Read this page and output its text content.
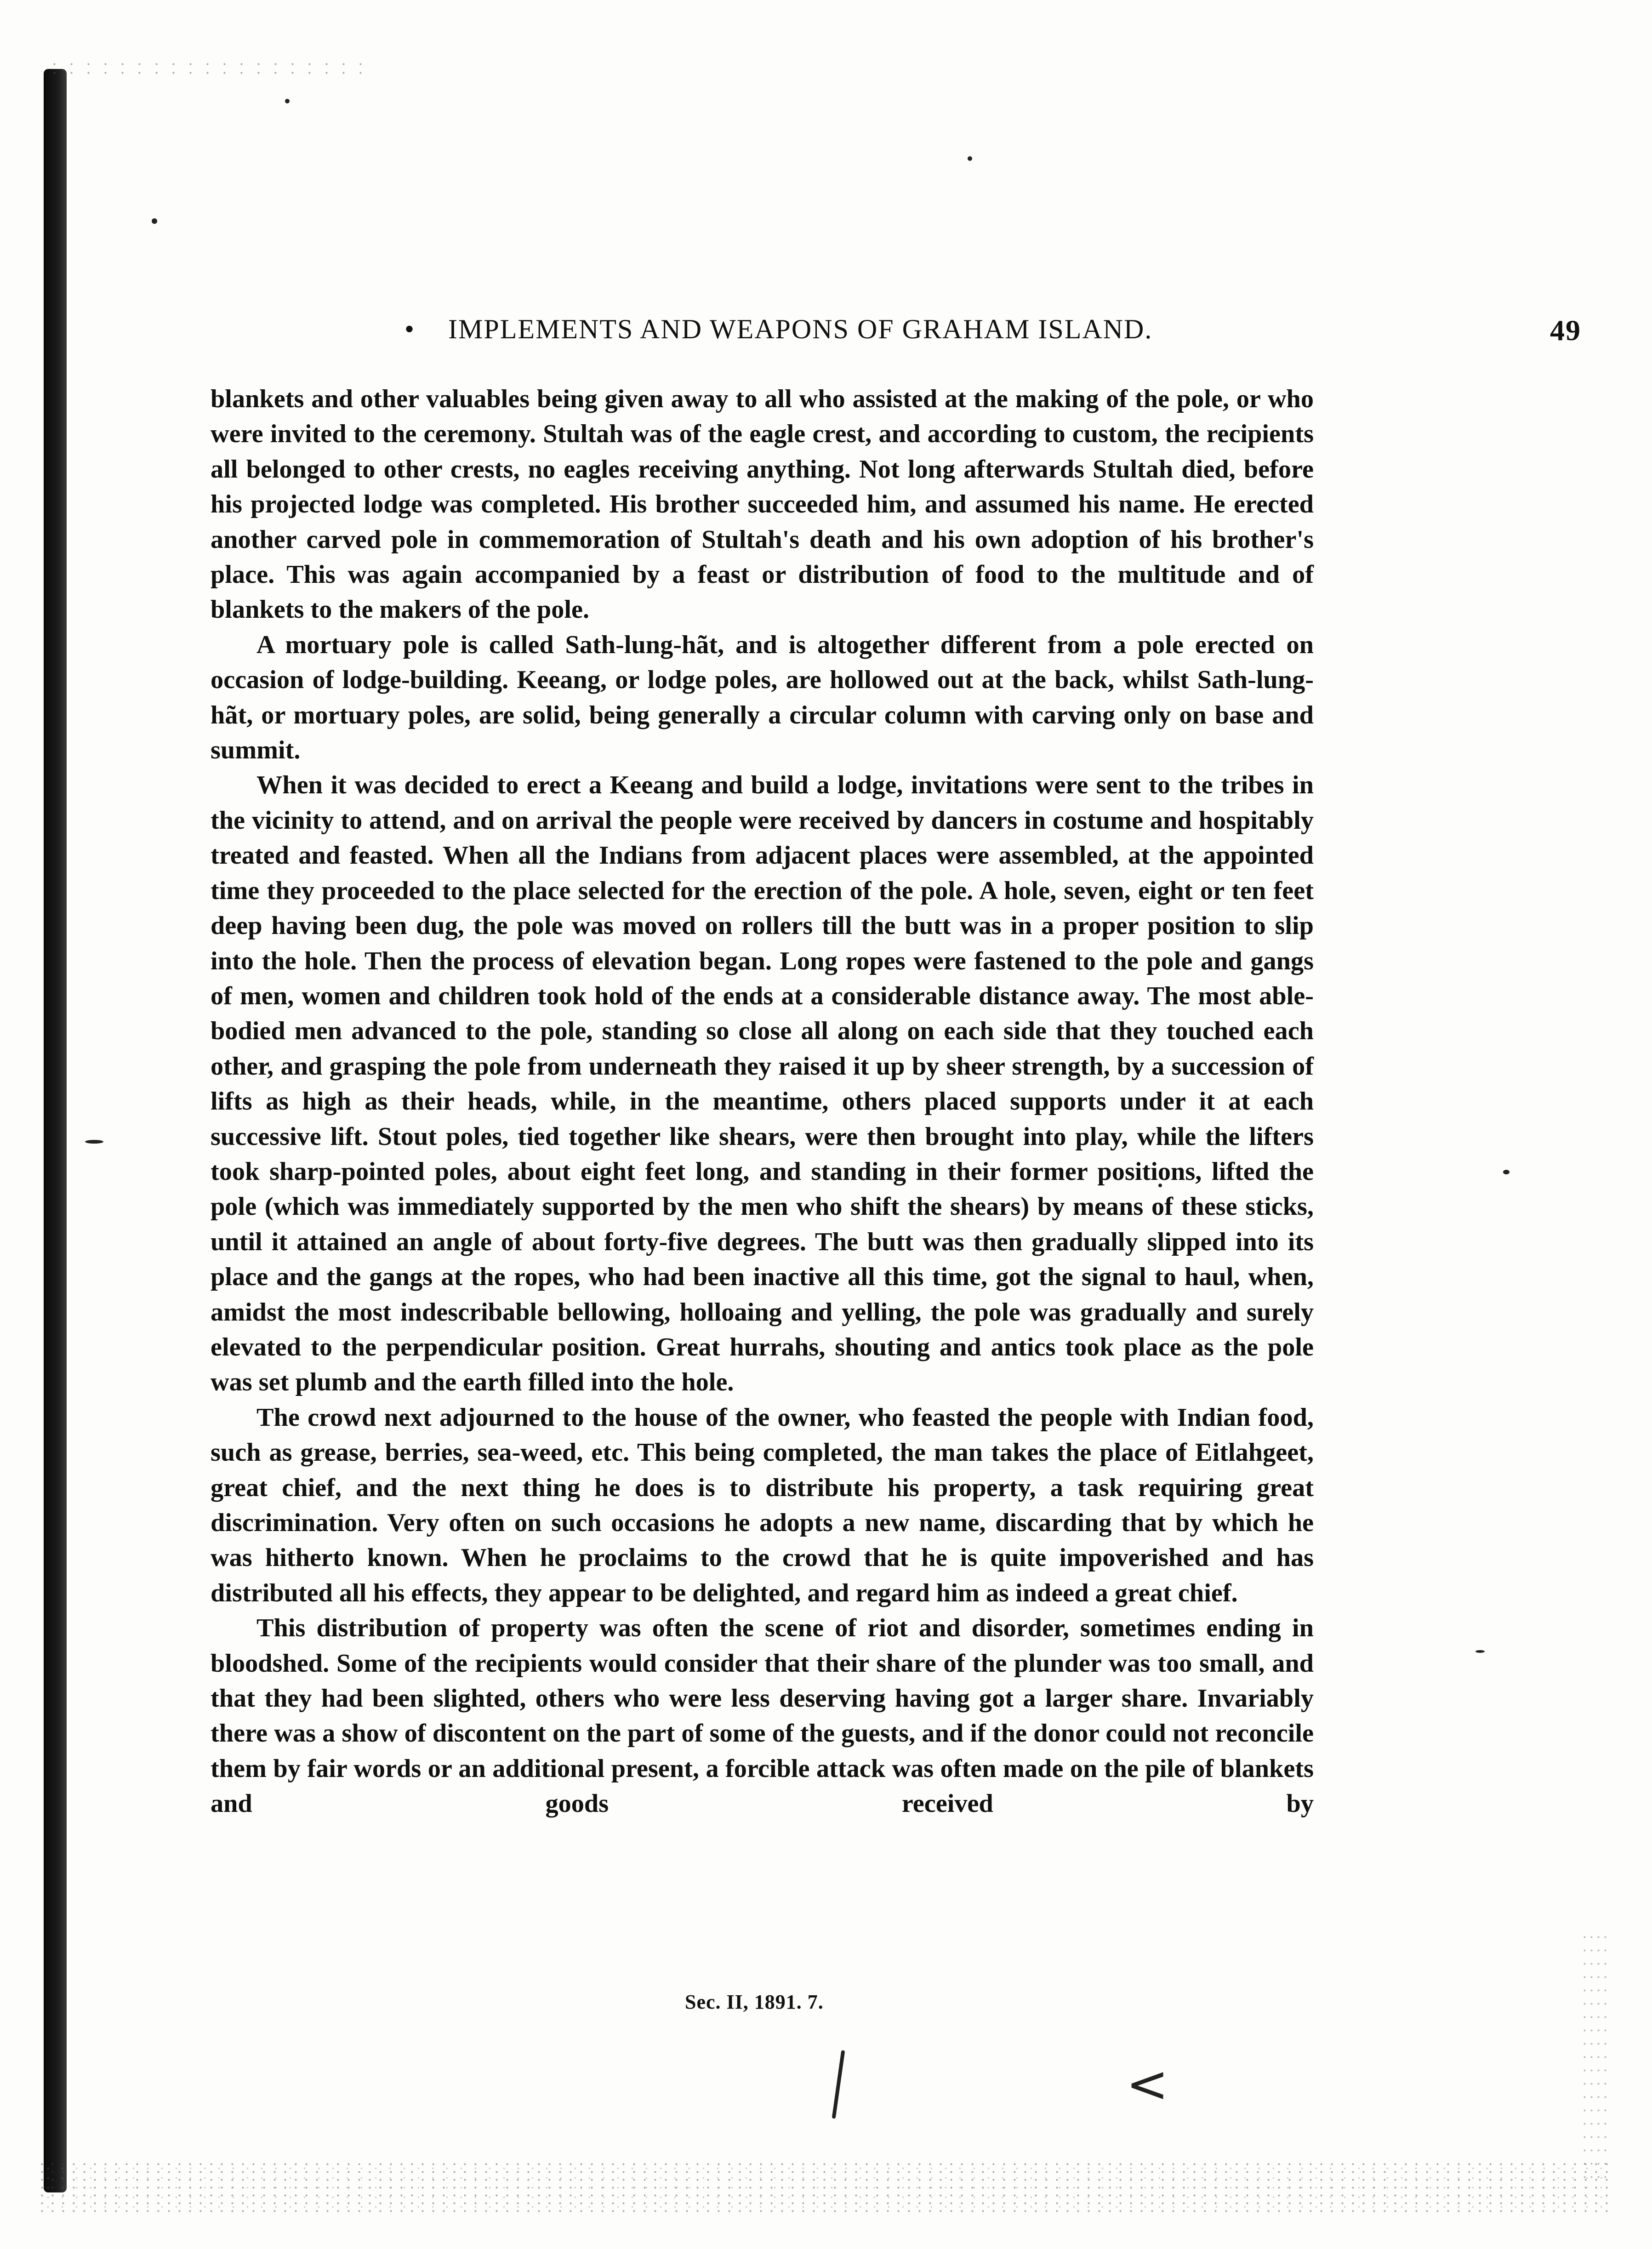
• IMPLEMENTS AND WEAPONS OF GRAHAM ISLAND.	49

blankets and other valuables being given away to all who assisted at the making of the pole, or who were invited to the ceremony. Stultah was of the eagle crest, and according to custom, the recipients all belonged to other crests, no eagles receiving anything. Not long afterwards Stultah died, before his projected lodge was completed. His brother succeeded him, and assumed his name. He erected another carved pole in commemoration of Stultah's death and his own adoption of his brother's place. This was again accompanied by a feast or distribution of food to the multitude and of blankets to the makers of the pole.

A mortuary pole is called Sath-lung-hãt, and is altogether different from a pole erected on occasion of lodge-building. Keeang, or lodge poles, are hollowed out at the back, whilst Sath-lung-hãt, or mortuary poles, are solid, being generally a circular column with carving only on base and summit.

When it was decided to erect a Keeang and build a lodge, invitations were sent to the tribes in the vicinity to attend, and on arrival the people were received by dancers in costume and hospitably treated and feasted. When all the Indians from adjacent places were assembled, at the appointed time they proceeded to the place selected for the erection of the pole. A hole, seven, eight or ten feet deep having been dug, the pole was moved on rollers till the butt was in a proper position to slip into the hole. Then the process of elevation began. Long ropes were fastened to the pole and gangs of men, women and children took hold of the ends at a considerable distance away. The most able-bodied men advanced to the pole, standing so close all along on each side that they touched each other, and grasping the pole from underneath they raised it up by sheer strength, by a succession of lifts as high as their heads, while, in the meantime, others placed supports under it at each successive lift. Stout poles, tied together like shears, were then brought into play, while the lifters took sharp-pointed poles, about eight feet long, and standing in their former positions, lifted the pole (which was immediately supported by the men who shift the shears) by means of these sticks, until it attained an angle of about forty-five degrees. The butt was then gradually slipped into its place and the gangs at the ropes, who had been inactive all this time, got the signal to haul, when, amidst the most indescribable bellowing, holloaing and yelling, the pole was gradually and surely elevated to the perpendicular position. Great hurrahs, shouting and antics took place as the pole was set plumb and the earth filled into the hole.

The crowd next adjourned to the house of the owner, who feasted the people with Indian food, such as grease, berries, sea-weed, etc. This being completed, the man takes the place of Eitlahgeet, great chief, and the next thing he does is to distribute his property, a task requiring great discrimination. Very often on such occasions he adopts a new name, discarding that by which he was hitherto known. When he proclaims to the crowd that he is quite impoverished and has distributed all his effects, they appear to be delighted, and regard him as indeed a great chief.

This distribution of property was often the scene of riot and disorder, sometimes ending in bloodshed. Some of the recipients would consider that their share of the plunder was too small, and that they had been slighted, others who were less deserving having got a larger share. Invariably there was a show of discontent on the part of some of the guests, and if the donor could not reconcile them by fair words or an additional present, a forcible attack was often made on the pile of blankets and goods received by

Sec. II, 1891. 7.
<
